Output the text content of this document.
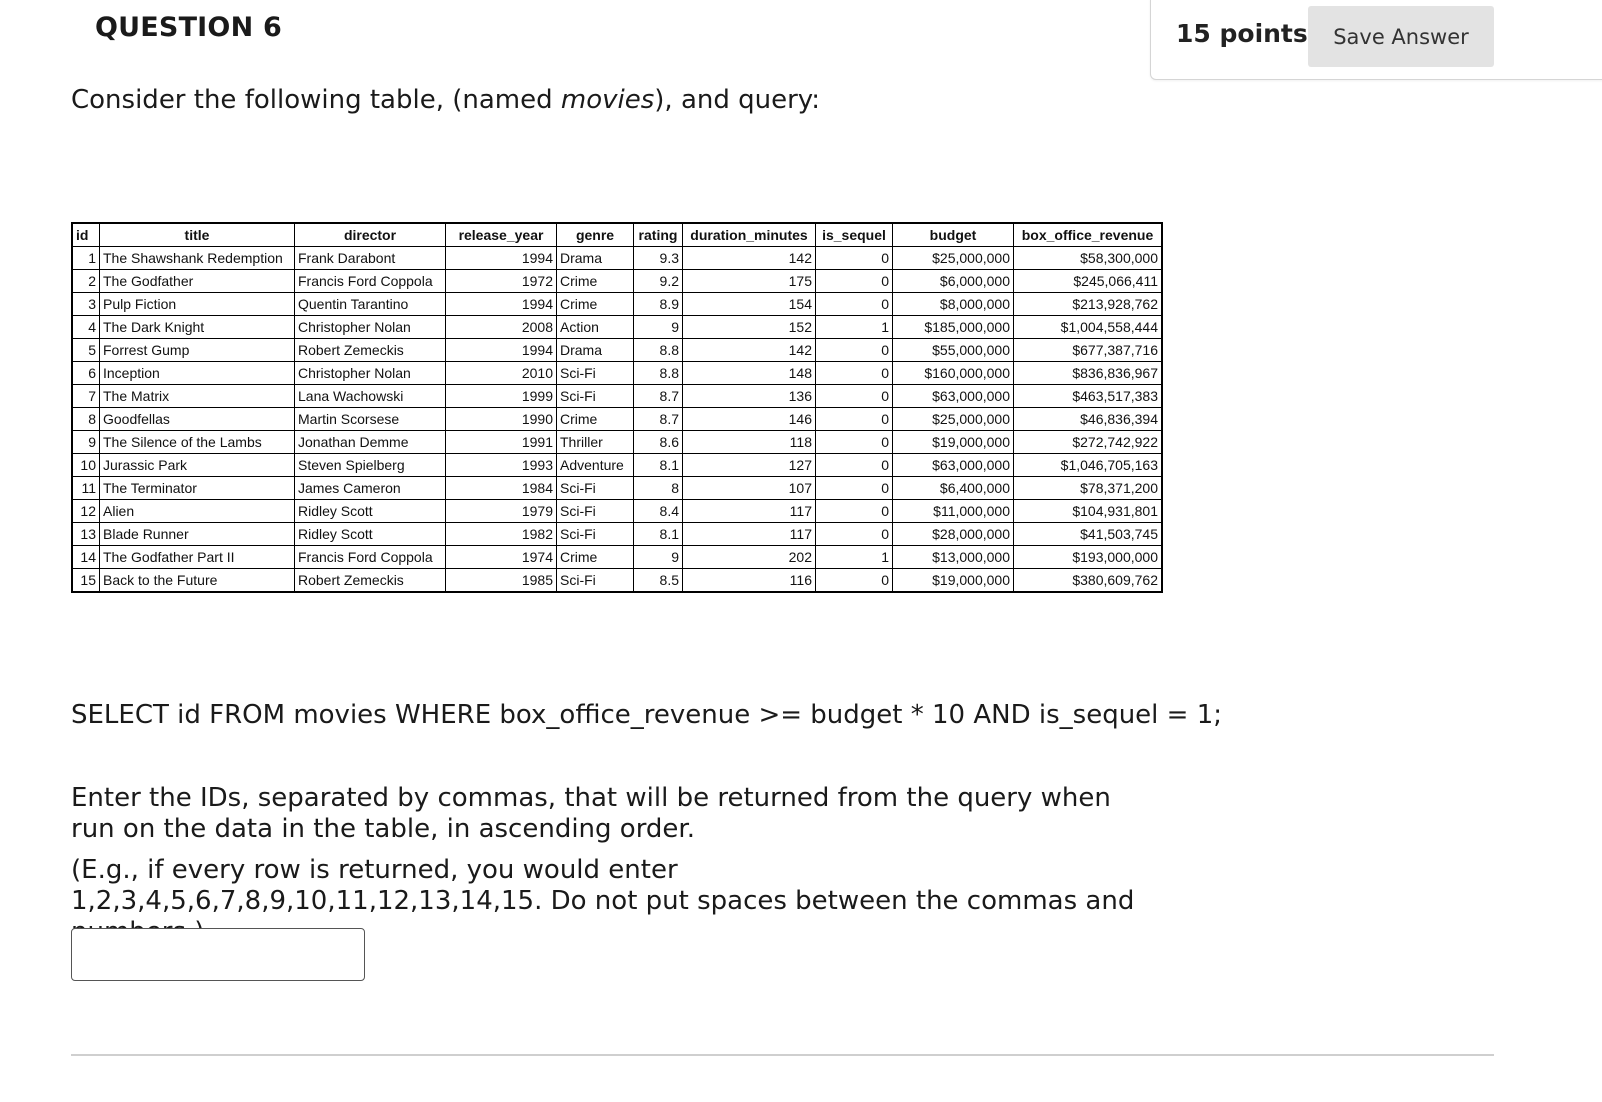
QUESTION 6	15 points	Save Answer

Consider the following table, (named movies), and query:

id	title	director	release_year	genre	rating	duration_minutes	is_sequel	budget	box_office_revenue
1	The Shawshank Redemption	Frank Darabont	1994	Drama	9.3	142	0	$25,000,000	$58,300,000
2	The Godfather	Francis Ford Coppola	1972	Crime	9.2	175	0	$6,000,000	$245,066,411
3	Pulp Fiction	Quentin Tarantino	1994	Crime	8.9	154	0	$8,000,000	$213,928,762
4	The Dark Knight	Christopher Nolan	2008	Action	9	152	1	$185,000,000	$1,004,558,444
5	Forrest Gump	Robert Zemeckis	1994	Drama	8.8	142	0	$55,000,000	$677,387,716
6	Inception	Christopher Nolan	2010	Sci-Fi	8.8	148	0	$160,000,000	$836,836,967
7	The Matrix	Lana Wachowski	1999	Sci-Fi	8.7	136	0	$63,000,000	$463,517,383
8	Goodfellas	Martin Scorsese	1990	Crime	8.7	146	0	$25,000,000	$46,836,394
9	The Silence of the Lambs	Jonathan Demme	1991	Thriller	8.6	118	0	$19,000,000	$272,742,922
10	Jurassic Park	Steven Spielberg	1993	Adventure	8.1	127	0	$63,000,000	$1,046,705,163
11	The Terminator	James Cameron	1984	Sci-Fi	8	107	0	$6,400,000	$78,371,200
12	Alien	Ridley Scott	1979	Sci-Fi	8.4	117	0	$11,000,000	$104,931,801
13	Blade Runner	Ridley Scott	1982	Sci-Fi	8.1	117	0	$28,000,000	$41,503,745
14	The Godfather Part II	Francis Ford Coppola	1974	Crime	9	202	1	$13,000,000	$193,000,000
15	Back to the Future	Robert Zemeckis	1985	Sci-Fi	8.5	116	0	$19,000,000	$380,609,762

SELECT id FROM movies WHERE box_office_revenue >= budget * 10 AND is_sequel = 1;

Enter the IDs, separated by commas, that will be returned from the query when run on the data in the table, in ascending order.

(E.g., if every row is returned, you would enter 1,2,3,4,5,6,7,8,9,10,11,12,13,14,15. Do not put spaces between the commas and
